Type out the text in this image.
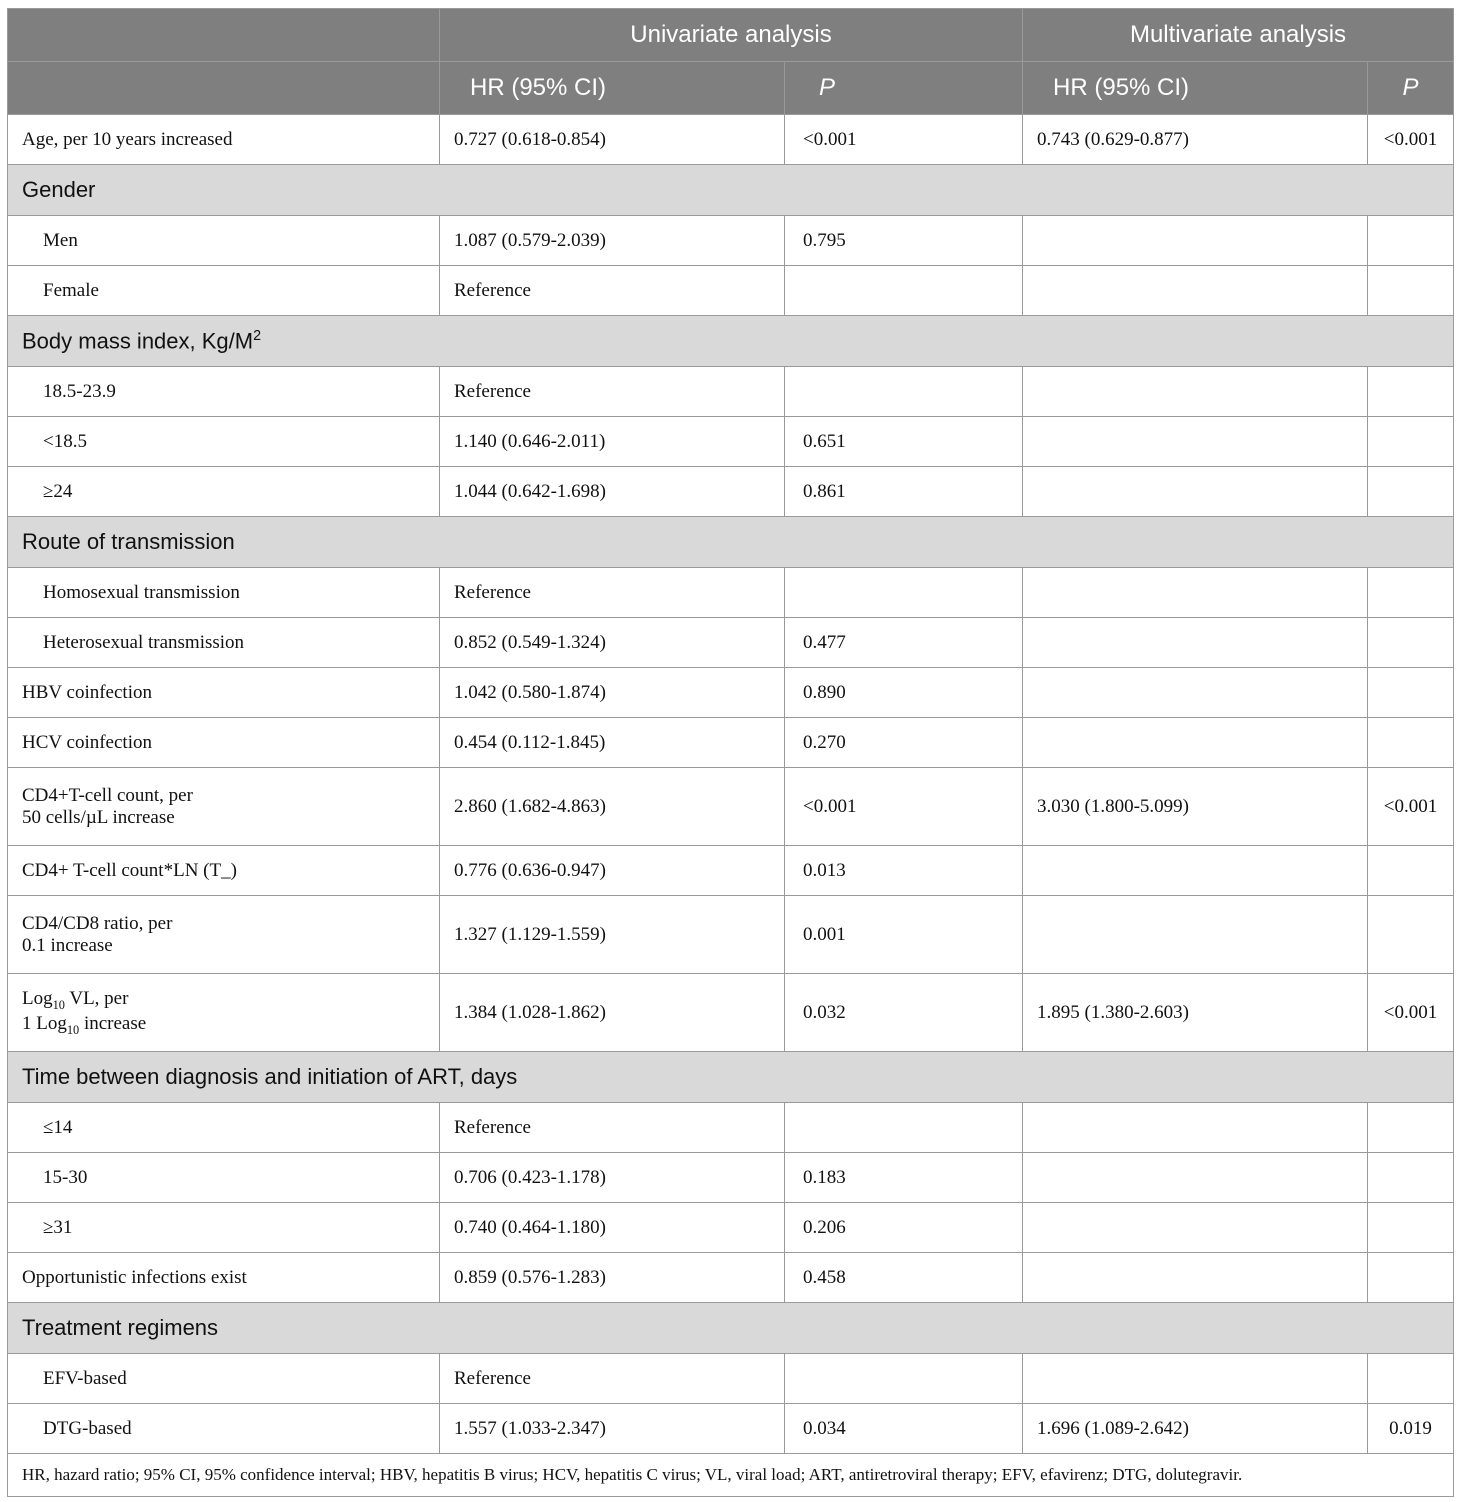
	Univariate analysis		Multivariate analysis	
	HR (95% CI)	P	HR (95% CI)	P
Age, per 10 years increased	0.727 (0.618-0.854)	<0.001	0.743 (0.629-0.877)	<0.001
Gender				
Men	1.087 (0.579-2.039)	0.795		
Female	Reference			
Body mass index, $Kg/M^2$
18.5-23.9	Reference			
<18.5	1.140 (0.646-2.011)	0.651		
≥24	1.044 (0.642-1.698)	0.861		
Route of transmission				
Homosexual transmission	Reference			
Heterosexual transmission	0.852 (0.549-1.324)	0.477		
HBV coinfection	1.042 (0.580-1.874)	0.890		
HCV coinfection	0.454 (0.112-1.845)	0.270		
CD4+T-cell count, per
50 cells/µL increase	2.860 (1.682-4.863)	<0.001	3.030 (1.800-5.099)	<0.001
CD4+ T-cell count*LN (T_)	0.776 (0.636-0.947)	0.013		
CD4/CD8 ratio, per
0.1 increase	1.327 (1.129-1.559)	0.001		
Log$_{10}$ VL, per
1 Log$_{10}$ increase	1.384 (1.028-1.862)	0.032	1.895 (1.380-2.603)	<0.001
Time between diagnosis and initiation of ART, days				
≤14	Reference			
15-30	0.706 (0.423-1.178)	0.183		
≥31	0.740 (0.464-1.180)	0.206		
Opportunistic infections exist	0.859 (0.576-1.283)	0.458		
Treatment regimens				
EFV-based	Reference			
DTG-based	1.557 (1.033-2.347)	0.034	1.696 (1.089-2.642)	0.019
HR, hazard ratio; 95% CI, 95% confidence interval; HBV, hepatitis B virus; HCV, hepatitis C virus; VL, viral load; ART, antiretroviral therapy; EFV, efavirenz; DTG, dolutegravir.				
